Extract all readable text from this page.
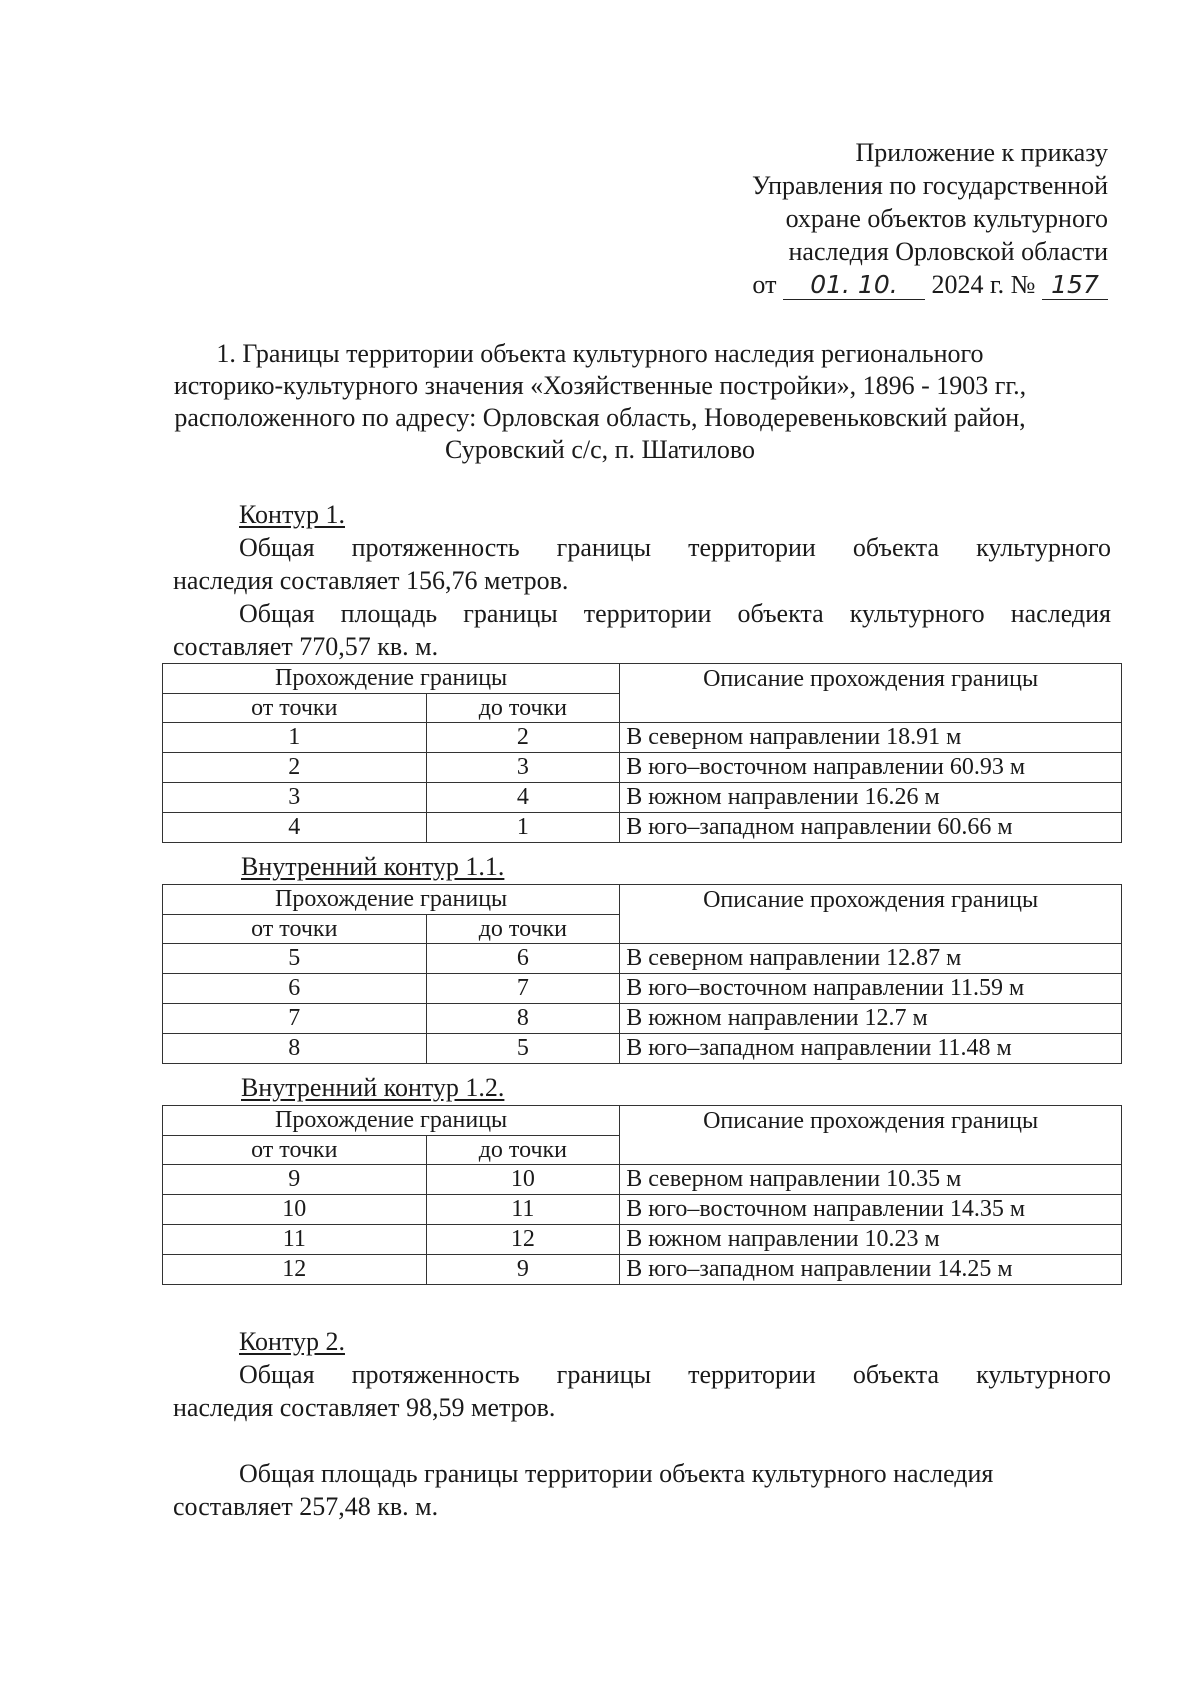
Приложение к приказу
Управления по государственной
охране объектов культурного
наследия Орловской области
от 01. 10. 2024 г. № 157
1. Границы территории объекта культурного наследия регионального
историко-культурного значения «Хозяйственные постройки», 1896 - 1903 гг.,
расположенного по адресу: Орловская область, Новодеревеньковский район,
Суровский с/с, п. Шатилово
Контур 1.

Общая протяженность границы территории объекта культурного

наследия составляет 156,76 метров.

Общая площадь границы территории объекта культурного наследия

составляет 770,57 кв. м.

Прохождение границы		Описание прохождения границы
от точки	до точки	
1	2	В северном направлении 18.91 м
2	3	В юго–восточном направлении 60.93 м
3	4	В южном направлении 16.26 м
4	1	В юго–западном направлении 60.66 м
Внутренний контур 1.1.
Прохождение границы		Описание прохождения границы
от точки	до точки	
5	6	В северном направлении 12.87 м
6	7	В юго–восточном направлении 11.59 м
7	8	В южном направлении 12.7 м
8	5	В юго–западном направлении 11.48 м
Внутренний контур 1.2.
Прохождение границы		Описание прохождения границы
от точки	до точки	
9	10	В северном направлении 10.35 м
10	11	В юго–восточном направлении 14.35 м
11	12	В южном направлении 10.23 м
12	9	В юго–западном направлении 14.25 м
Контур 2.

Общая протяженность границы территории объекта культурного

наследия составляет 98,59 метров.

Общая площадь границы территории объекта культурного наследия

составляет 257,48 кв. м.
